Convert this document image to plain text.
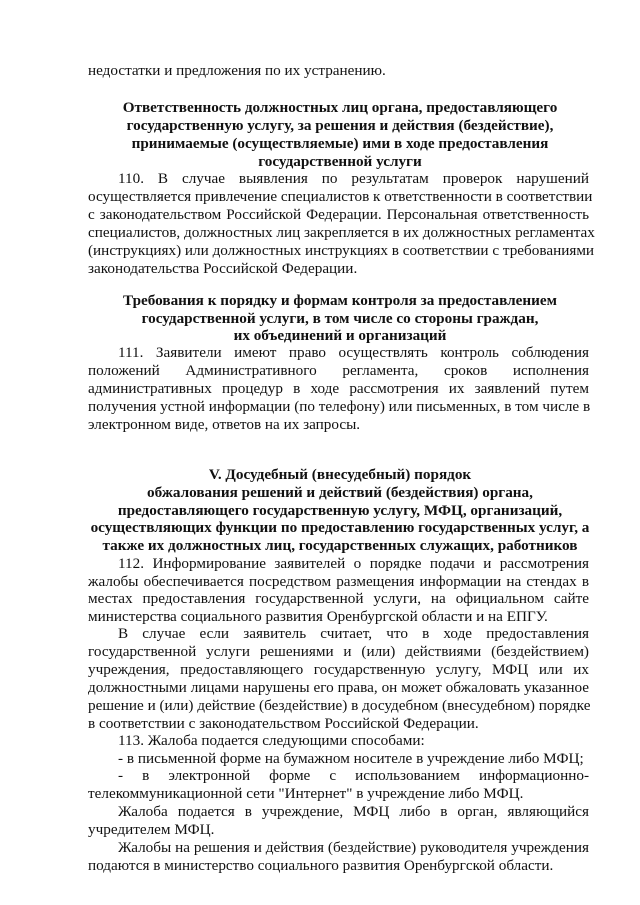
недостатки и предложения по их устранению.
Ответственность должностных лиц органа, предоставляющего
государственную услугу, за решения и действия (бездействие),
принимаемые (осуществляемые) ими в ходе предоставления
государственной услуги
110. В случае выявления по результатам проверок нарушений
осуществляется привлечение специалистов к ответственности в соответствии
с законодательством Российской Федерации. Персональная ответственность
специалистов, должностных лиц закрепляется в их должностных регламентах
(инструкциях) или должностных инструкциях в соответствии с требованиями
законодательства Российской Федерации.
Требования к порядку и формам контроля за предоставлением
государственной услуги, в том числе со стороны граждан,
их объединений и организаций
111. Заявители имеют право осуществлять контроль соблюдения
положений Административного регламента, сроков исполнения
административных процедур в ходе рассмотрения их заявлений путем
получения устной информации (по телефону) или письменных, в том числе в
электронном виде, ответов на их запросы.
V. Досудебный (внесудебный) порядок
обжалования решений и действий (бездействия) органа,
предоставляющего государственную услугу, МФЦ, организаций,
осуществляющих функции по предоставлению государственных услуг, а
также их должностных лиц, государственных служащих, работников
112. Информирование заявителей о порядке подачи и рассмотрения
жалобы обеспечивается посредством размещения информации на стендах в
местах предоставления государственной услуги, на официальном сайте
министерства социального развития Оренбургской области и на ЕПГУ.
В случае если заявитель считает, что в ходе предоставления
государственной услуги решениями и (или) действиями (бездействием)
учреждения, предоставляющего государственную услугу, МФЦ или их
должностными лицами нарушены его права, он может обжаловать указанное
решение и (или) действие (бездействие) в досудебном (внесудебном) порядке
в соответствии с законодательством Российской Федерации.
113. Жалоба подается следующими способами:
- в письменной форме на бумажном носителе в учреждение либо МФЦ;
- в электронной форме с использованием информационно-
телекоммуникационной сети "Интернет" в учреждение либо МФЦ.
Жалоба подается в учреждение, МФЦ либо в орган, являющийся
учредителем МФЦ.
Жалобы на решения и действия (бездействие) руководителя учреждения
подаются в министерство социального развития Оренбургской области.
